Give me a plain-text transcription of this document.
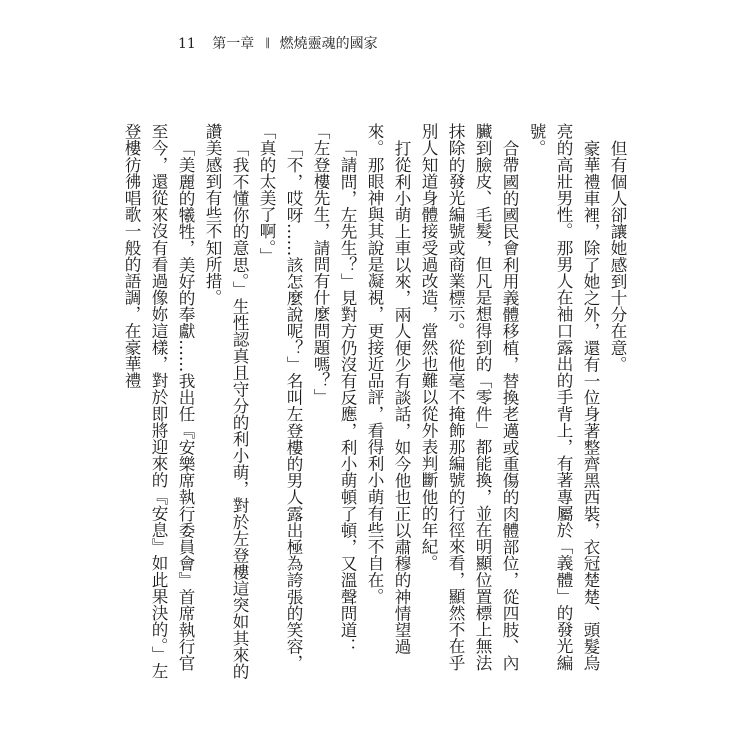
11 第一章 ║ 燃燒靈魂的國家

但有個人卻讓她感到十分在意。

豪華禮車裡，除了她之外，還有一位身著整齊黑西裝，衣冠楚楚、頭髮烏亮的高壯男性。那男人在袖口露出的手背上，有著專屬於「義體」的發光編號。

合帶國的國民會利用義體移植，替換老邁或重傷的肉體部位，從四肢、內臟到臉皮、毛髮，但凡是想得到的「零件」都能換，並在明顯位置標上無法抹除的發光編號或商業標示。從他毫不掩飾那編號的行徑來看，顯然不在乎別人知道身體接受過改造，當然也難以從外表判斷他的年紀。

打從利小萌上車以來，兩人便少有談話，如今他也正以肅穆的神情望過來。那眼神與其說是凝視，更接近品評，看得利小萌有些不自在。

「請問，左先生？」見對方仍沒有反應，利小萌頓了頓，又溫聲問道：「左登樓先生，請問有什麼問題嗎？」

「不，哎呀……該怎麼說呢？」名叫左登樓的男人露出極為誇張的笑容，「真的太美了啊。」

「我不懂你的意思。」生性認真且守分的利小萌，對於左登樓這突如其來的讚美感到有些不知所措。

「美麗的犧牲，美好的奉獻……我出任『安樂席執行委員會』首席執行官至今，還從來沒有看過像妳這樣，對於即將迎來的『安息』如此果決的。」左登樓彷彿唱歌一般的語調，在豪華禮
